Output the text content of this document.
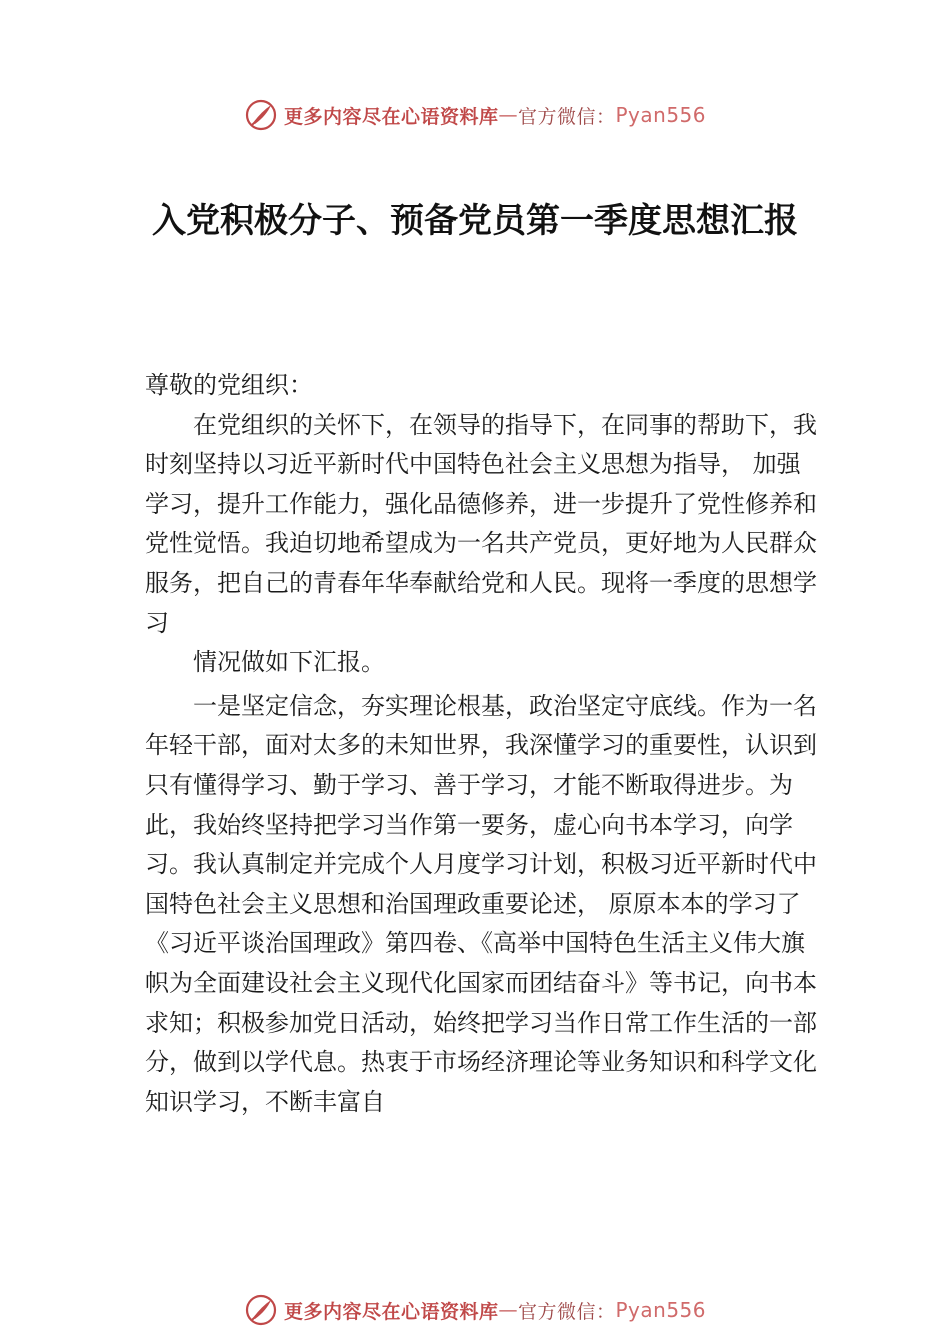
更多内容尽在心语资料库 — 官方微信： Pyan556
入党积极分子、预备党员第一季度思想汇报

尊敬的党组织：

在党组织的关怀下，在领导的指导下，在同事的帮助下，我时刻坚持以习近平新时代中国特色社会主义思想为指导， 加强学习，提升工作能力，强化品德修养，进一步提升了党性修养和党性觉悟。我迫切地希望成为一名共产党员，更好地为人民群众服务，把自己的青春年华奉献给党和人民。现将一季度的思想学习

情况做如下汇报。

一是坚定信念，夯实理论根基，政治坚定守底线。作为一名年轻干部，面对太多的未知世界，我深懂学习的重要性，认识到只有懂得学习、勤于学习、善于学习，才能不断取得进步。为此，我始终坚持把学习当作第一要务，虚心向书本学习，向学习。我认真制定并完成个人月度学习计划，积极习近平新时代中国特色社会主义思想和治国理政重要论述， 原原本本的学习了《习近平谈治国理政》第四卷、《高举中国特色生活主义伟大旗帜为全面建设社会主义现代化国家而团结奋斗》等书记，向书本求知；积极参加党日活动，始终把学习当作日常工作生活的一部分，做到以学代息。热衷于市场经济理论等业务知识和科学文化知识学习，不断丰富自

更多内容尽在心语资料库 — 官方微信： Pyan556
